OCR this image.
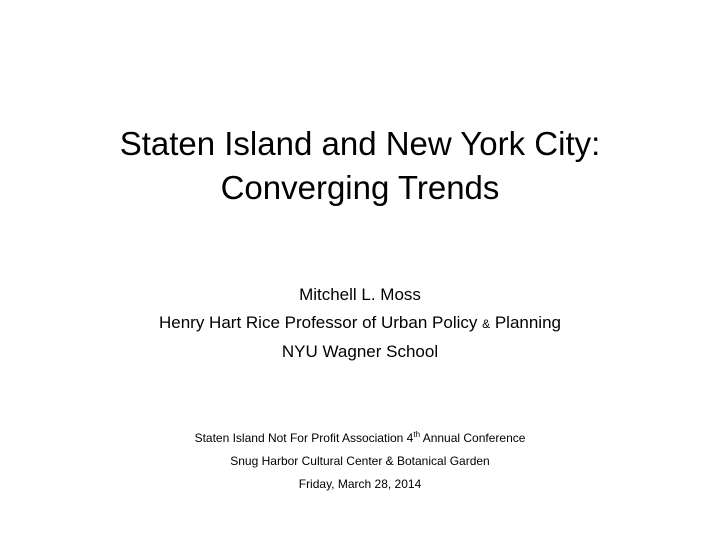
Staten Island and New York City:
Converging Trends
Mitchell L. Moss
Henry Hart Rice Professor of Urban Policy & Planning
NYU Wagner School
Staten Island Not For Profit Association 4th Annual Conference
Snug Harbor Cultural Center & Botanical Garden
Friday, March 28, 2014
